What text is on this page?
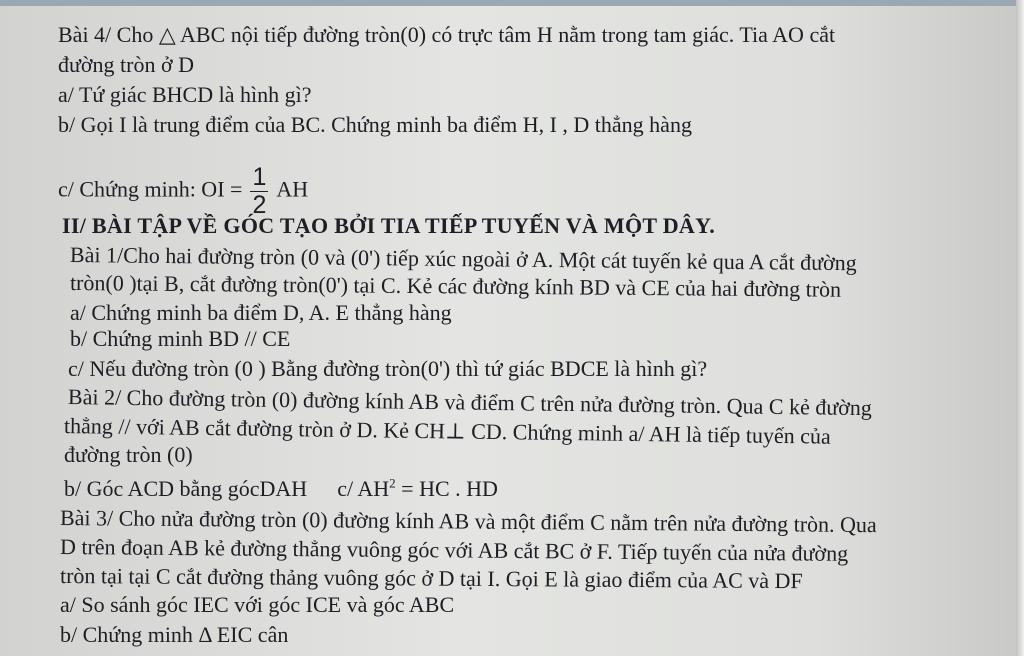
Bài 4/ Cho △ ABC nội tiếp đường tròn(0) có trực tâm H nằm trong tam giác. Tia AO cắt
đường tròn ở D
a/ Tứ giác BHCD là hình gì?
b/ Gọi I là trung điểm của BC. Chứng minh ba điểm H, I , D thẳng hàng
c/ Chứng minh: OI = $\frac{1}{2}$ AH
II/ BÀI TẬP VỀ GÓC TẠO BỞI TIA TIẾP TUYẾN VÀ MỘT DÂY.
Bài 1/Cho hai đường tròn (0 và (0') tiếp xúc ngoài ở A. Một cát tuyến kẻ qua A cắt đường
tròn(0 )tại B, cắt đường tròn(0') tại C. Kẻ các đường kính BD và CE của hai đường tròn
a/ Chứng minh ba điểm D, A. E thẳng hàng
b/ Chứng minh BD // CE
c/ Nếu đường tròn (0 ) Bằng đường tròn(0') thì tứ giác BDCE là hình gì?
Bài 2/ Cho đường tròn (0) đường kính AB và điểm C trên nửa đường tròn. Qua C kẻ đường
thẳng // với AB cắt đường tròn ở D. Kẻ CH⊥ CD. Chứng minh a/ AH là tiếp tuyến của
đường tròn (0)
b/ Góc ACD bằng gócDAH c/ $AH^2$ = HC . HD
Bài 3/ Cho nửa đường tròn (0) đường kính AB và một điểm C nằm trên nửa đường tròn. Qua
D trên đoạn AB kẻ đường thẳng vuông góc với AB cắt BC ở F. Tiếp tuyến của nửa đường
tròn tại tại C cắt đường thảng vuông góc ở D tại I. Gọi E là giao điểm của AC và DF
a/ So sánh góc IEC với góc ICE và góc ABC
b/ Chứng minh Δ EIC cân
